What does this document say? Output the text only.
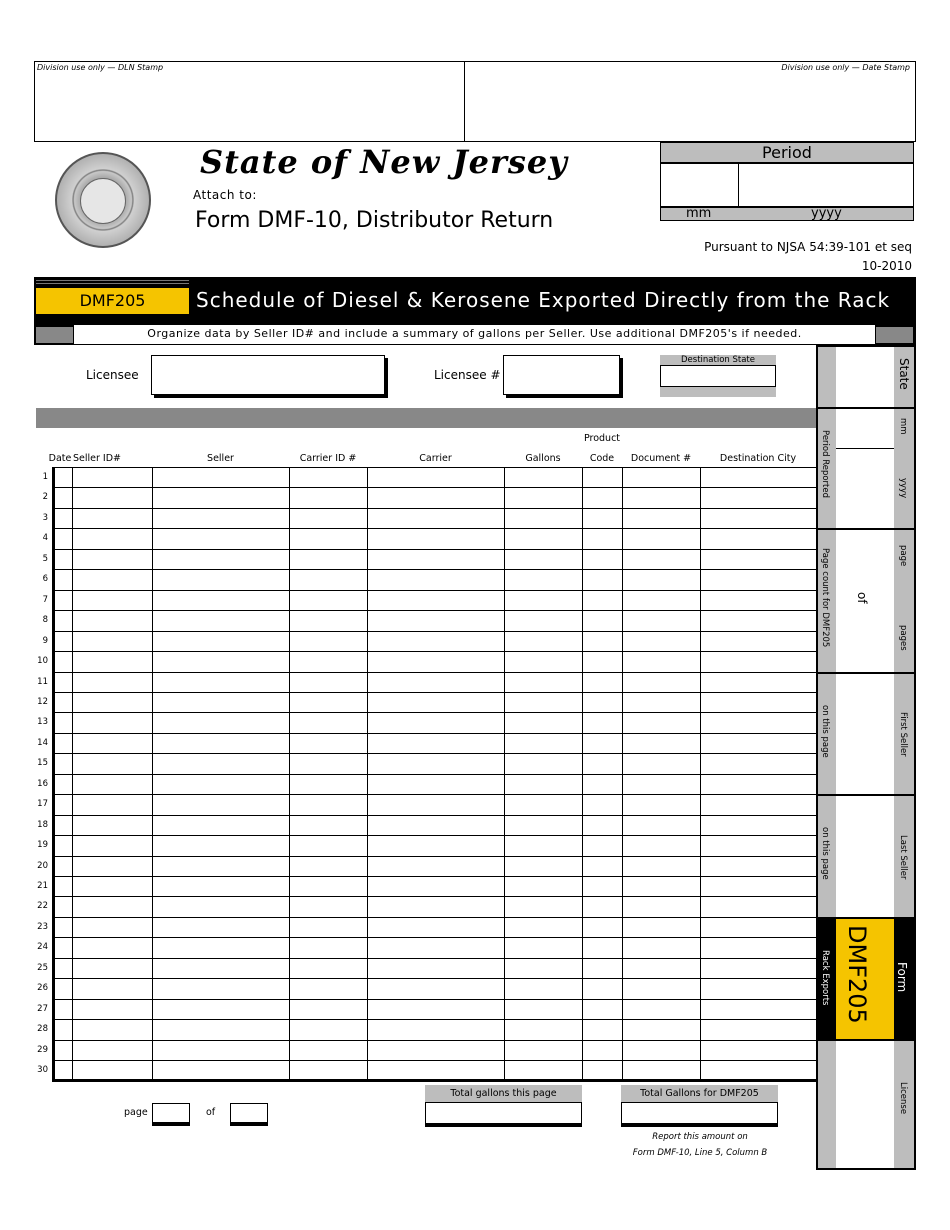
Division use only — DLN Stamp	Division use only — Date Stamp
State of New Jersey
Attach to:
Form DMF-10, Distributor Return
Period
mm	yyyy
Pursuant to NJSA 54:39-101 et seq
10-2010
DMF205	Schedule of Diesel & Kerosene Exported Directly from the Rack
Organize data by Seller ID# and include a summary of gallons per Seller. Use additional DMF205's if needed.
Licensee	Licensee #
Destination State
Product
Date Seller ID#	Seller	Carrier ID #	Carrier	Gallons	Code	Document #	Destination City
1
2
3
4
5
6
7
8
9
10
11
12
13
14
15
16
17
18
19
20
21
22
23
24
25
26
27
28
29
30
page	of
Total gallons this page	Total Gallons for DMF205
Report this amount on
Form DMF-10, Line 5, Column B
State
mm
yyyy
Period Reported
page
pages
of
Page count for DMF205
First Seller
on this page
Last Seller
on this page
Form
DMF205
Rack Exports
License
